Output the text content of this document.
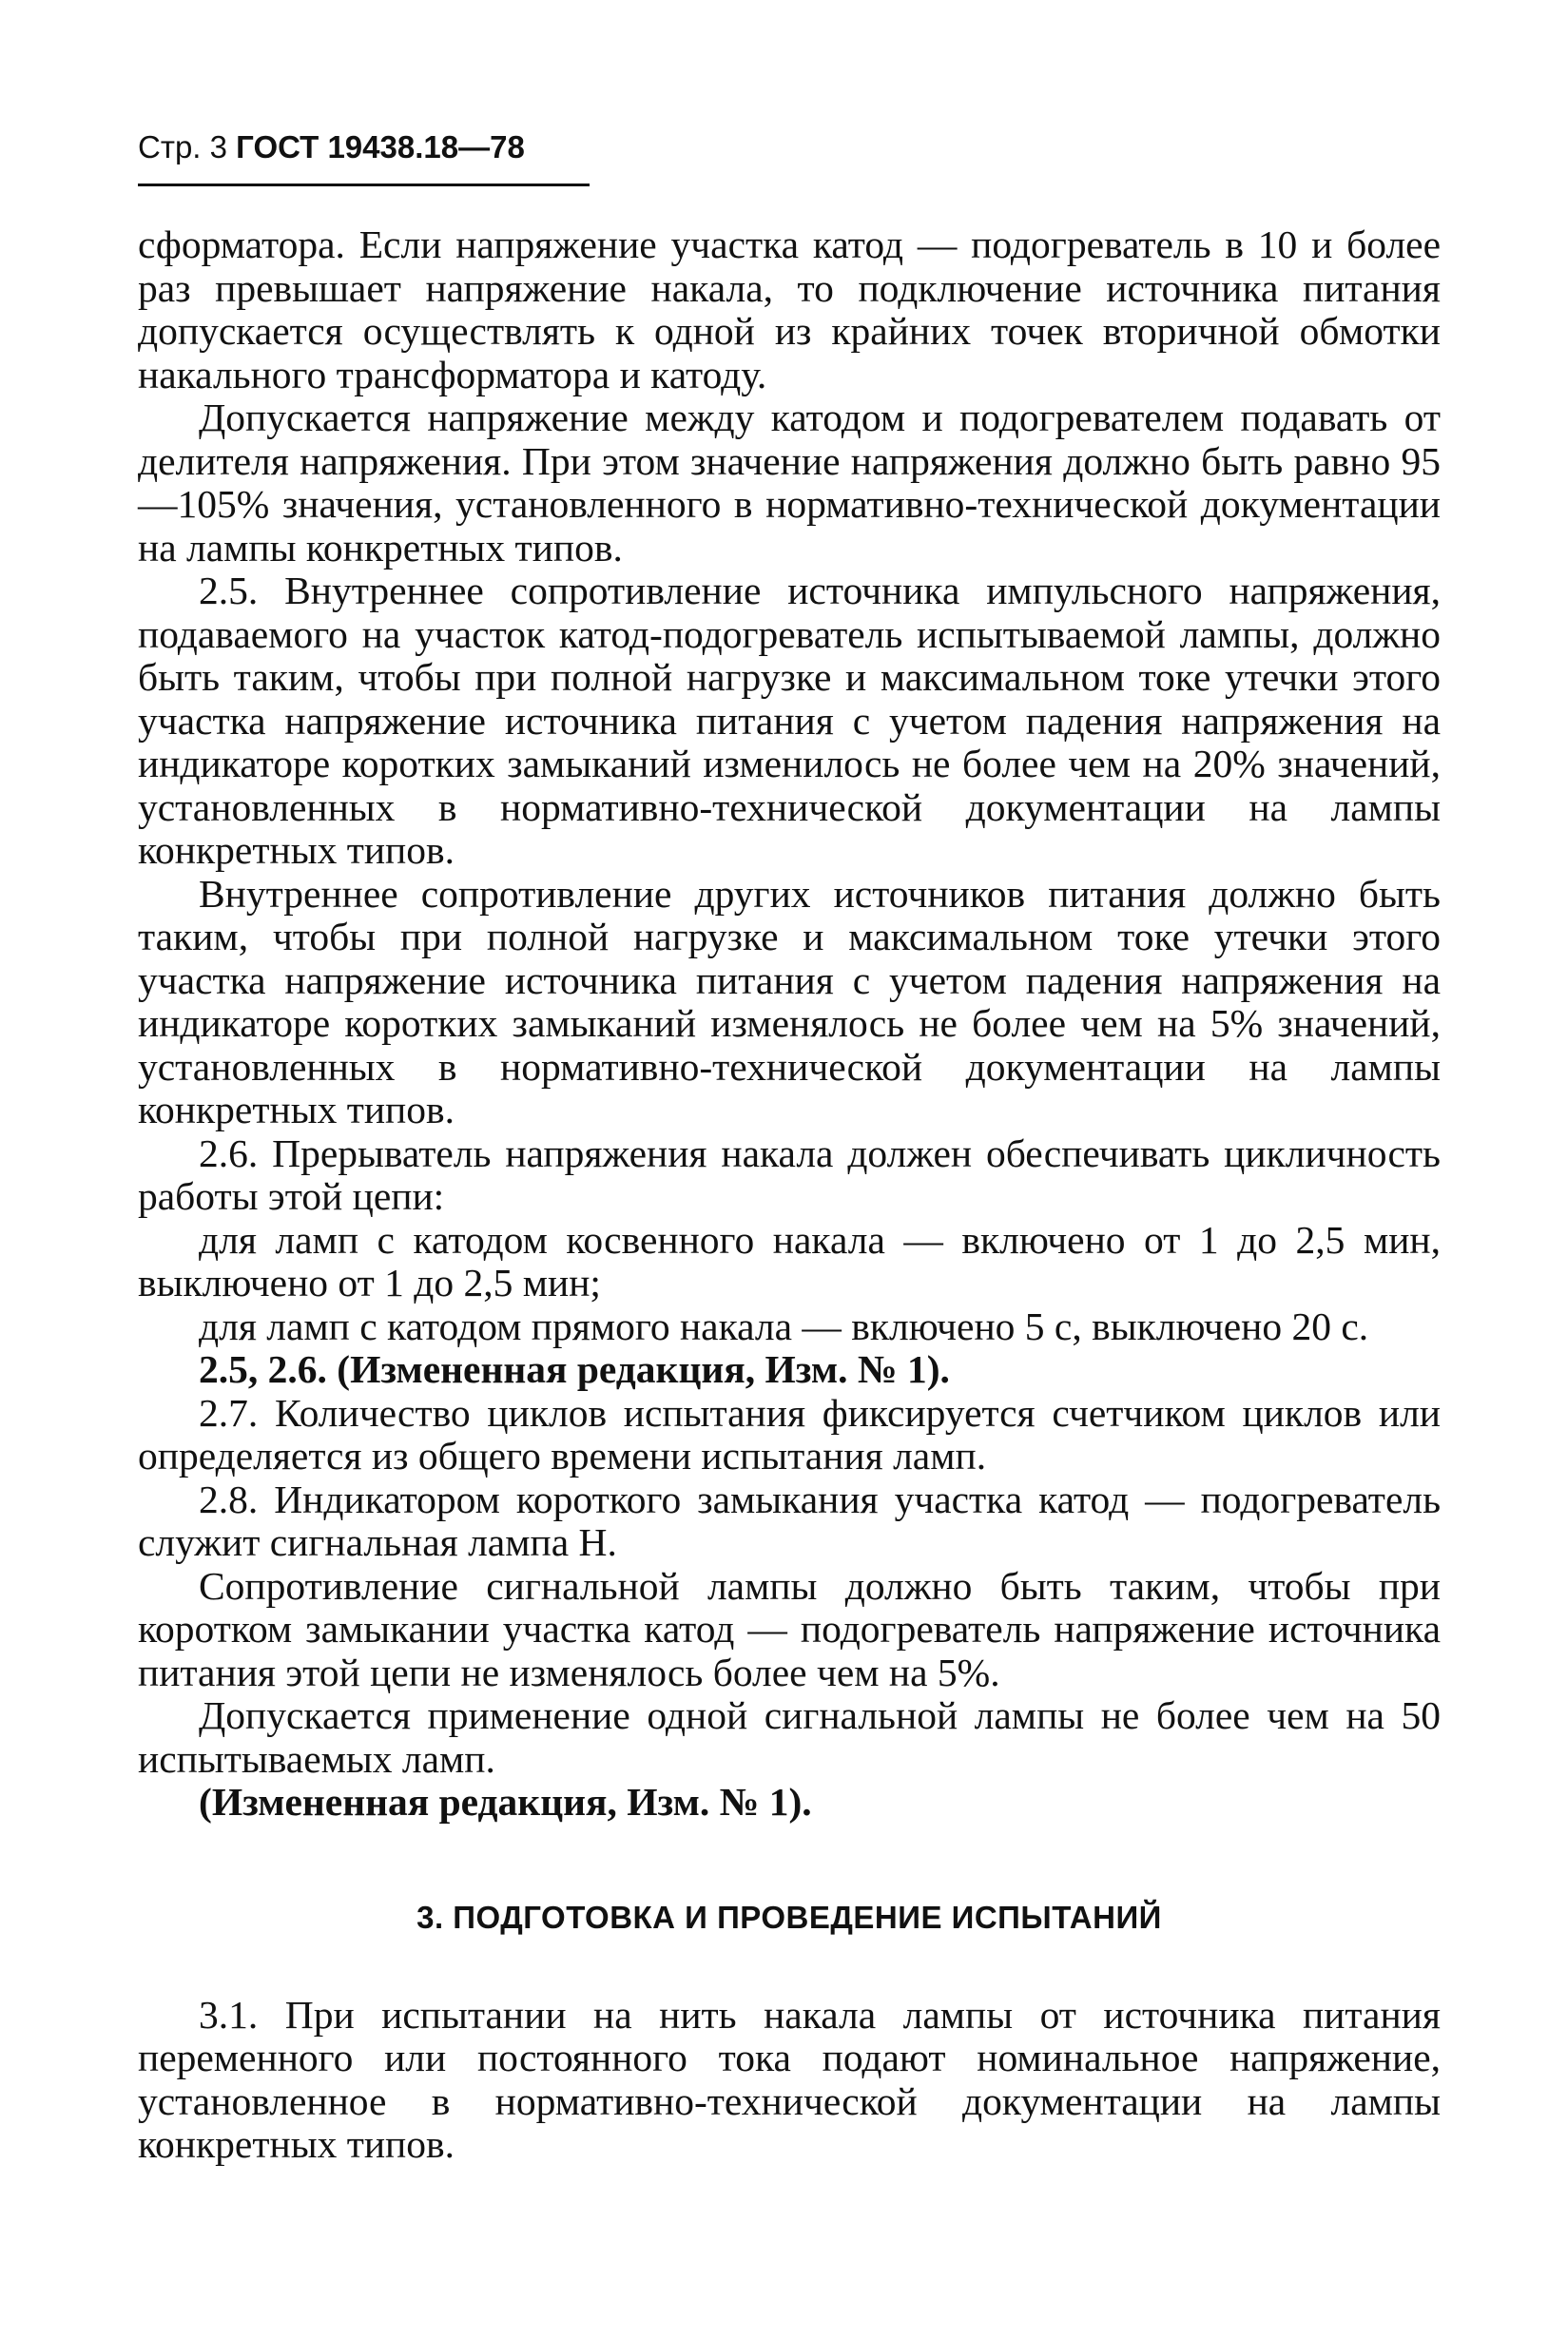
Стр. 3 ГОСТ 19438.18—78

сформатора. Если напряжение участка катод — подогреватель в 10 и более раз превышает напряжение накала, то подключение источника питания допускается осуществлять к одной из крайних точек вторичной обмотки накального трансформатора и катоду.

Допускается напряжение между катодом и подогревателем подавать от делителя напряжения. При этом значение напряжения должно быть равно 95—105% значения, установленного в нормативно-технической документации на лампы конкретных типов.

2.5. Внутреннее сопротивление источника импульсного напряжения, подаваемого на участок катод-подогреватель испытываемой лампы, должно быть таким, чтобы при полной нагрузке и максимальном токе утечки этого участка напряжение источника питания с учетом падения напряжения на индикаторе коротких замыканий изменилось не более чем на 20% значений, установленных в нормативно-технической документации на лампы конкретных типов.

Внутреннее сопротивление других источников питания должно быть таким, чтобы при полной нагрузке и максимальном токе утечки этого участка напряжение источника питания с учетом падения напряжения на индикаторе коротких замыканий изменялось не более чем на 5% значений, установленных в нормативно-технической документации на лампы конкретных типов.

2.6. Прерыватель напряжения накала должен обеспечивать цикличность работы этой цепи:

для ламп с катодом косвенного накала — включено от 1 до 2,5 мин, выключено от 1 до 2,5 мин;

для ламп с катодом прямого накала — включено 5 с, выключено 20 с.

2.5, 2.6. (Измененная редакция, Изм. № 1).

2.7. Количество циклов испытания фиксируется счетчиком циклов или определяется из общего времени испытания ламп.

2.8. Индикатором короткого замыкания участка катод — подогреватель служит сигнальная лампа H.

Сопротивление сигнальной лампы должно быть таким, чтобы при коротком замыкании участка катод — подогреватель напряжение источника питания этой цепи не изменялось более чем на 5%.

Допускается применение одной сигнальной лампы не более чем на 50 испытываемых ламп.

(Измененная редакция, Изм. № 1).

3. ПОДГОТОВКА И ПРОВЕДЕНИЕ ИСПЫТАНИЙ

3.1. При испытании на нить накала лампы от источника питания переменного или постоянного тока подают номинальное напряжение, установленное в нормативно-технической документации на лампы конкретных типов.
